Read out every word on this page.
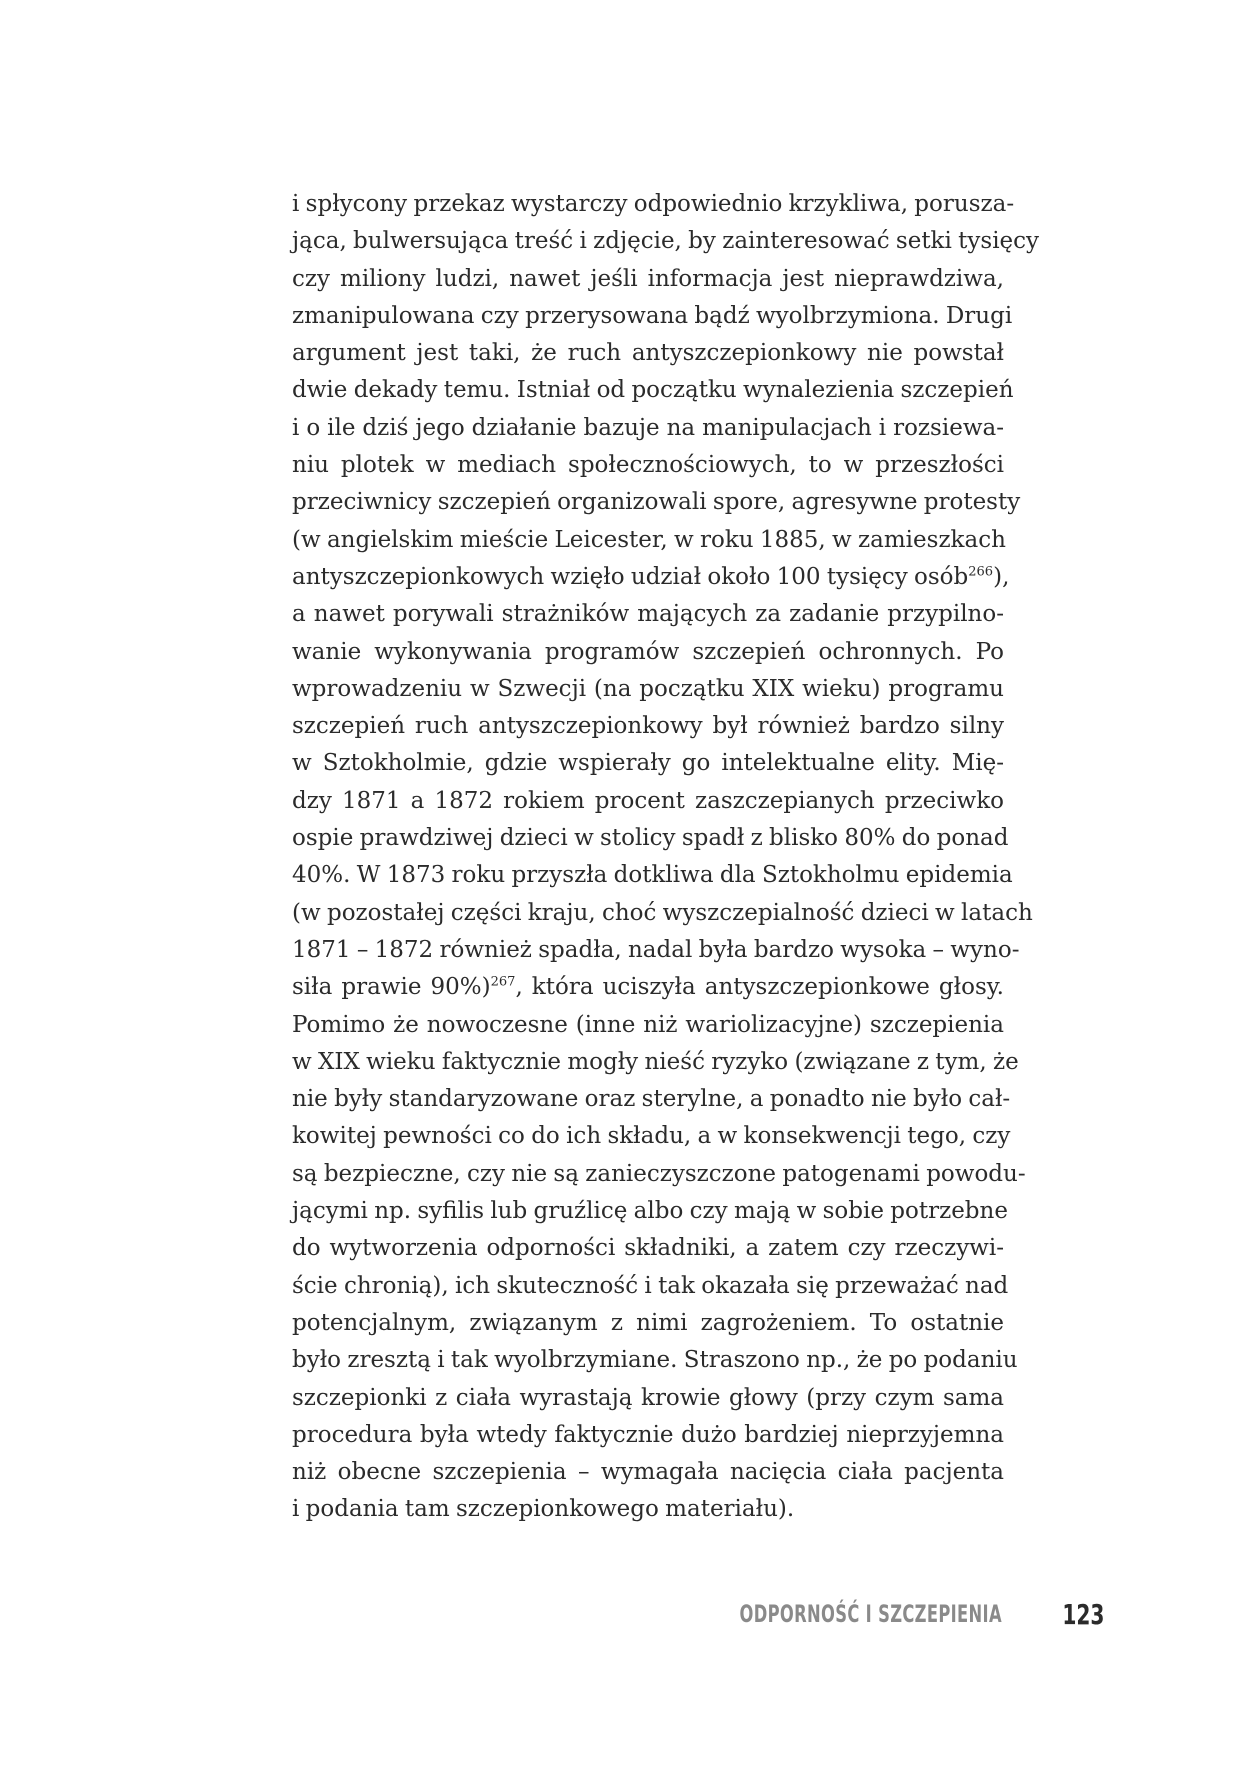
i spłycony przekaz wystarczy odpowiednio krzykliwa, porusza-
jąca, bulwersująca treść i zdjęcie, by zainteresować setki tysięcy
czy miliony ludzi, nawet jeśli informacja jest nieprawdziwa,
zmanipulowana czy przerysowana bądź wyolbrzymiona. Drugi
argument jest taki, że ruch antyszczepionkowy nie powstał
dwie dekady temu. Istniał od początku wynalezienia szczepień
i o ile dziś jego działanie bazuje na manipulacjach i rozsiewa-
niu plotek w mediach społecznościowych, to w przeszłości
przeciwnicy szczepień organizowali spore, agresywne protesty
(w angielskim mieście Leicester, w roku 1885, w zamieszkach
antyszczepionkowych wzięło udział około 100 tysięcy osób$^{266}$),
a nawet porywali strażników mających za zadanie przypilno-
wanie wykonywania programów szczepień ochronnych. Po
wprowadzeniu w Szwecji (na początku XIX wieku) programu
szczepień ruch antyszczepionkowy był również bardzo silny
w Sztokholmie, gdzie wspierały go intelektualne elity. Mię-
dzy 1871 a 1872 rokiem procent zaszczepianych przeciwko
ospie prawdziwej dzieci w stolicy spadł z blisko 80% do ponad
40%. W 1873 roku przyszła dotkliwa dla Sztokholmu epidemia
(w pozostałej części kraju, choć wyszczepialność dzieci w latach
1871 – 1872 również spadła, nadal była bardzo wysoka – wyno-
siła prawie 90%)$^{267}$, która uciszyła antyszczepionkowe głosy.
Pomimo że nowoczesne (inne niż wariolizacyjne) szczepienia
w XIX wieku faktycznie mogły nieść ryzyko (związane z tym, że
nie były standaryzowane oraz sterylne, a ponadto nie było cał-
kowitej pewności co do ich składu, a w konsekwencji tego, czy
są bezpieczne, czy nie są zanieczyszczone patogenami powodu-
jącymi np. syfilis lub gruźlicę albo czy mają w sobie potrzebne
do wytworzenia odporności składniki, a zatem czy rzeczywi-
ście chronią), ich skuteczność i tak okazała się przeważać nad
potencjalnym, związanym z nimi zagrożeniem. To ostatnie
było zresztą i tak wyolbrzymiane. Straszono np., że po podaniu
szczepionki z ciała wyrastają krowie głowy (przy czym sama
procedura była wtedy faktycznie dużo bardziej nieprzyjemna
niż obecne szczepienia – wymagała nacięcia ciała pacjenta
i podania tam szczepionkowego materiału).
ODPORNOŚĆ I SZCZEPIENIA 123
